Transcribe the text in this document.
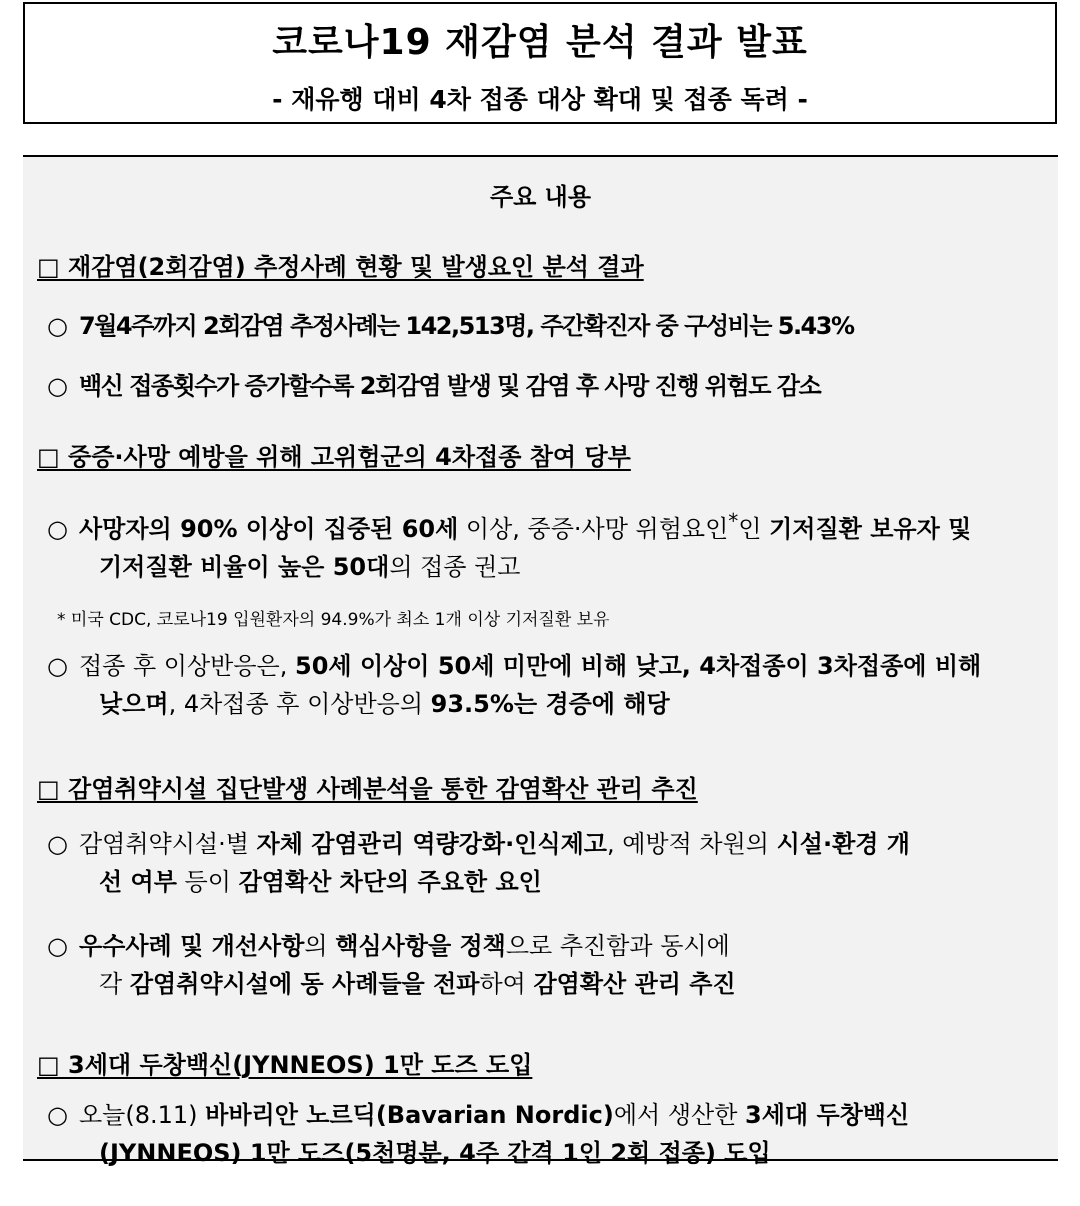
코로나19 재감염 분석 결과 발표
- 재유행 대비 4차 접종 대상 확대 및 접종 독려 -
주요 내용
□ 재감염(2회감염) 추정사례 현황 및 발생요인 분석 결과
○ 7월4주까지 2회감염 추정사례는 142,513명, 주간확진자 중 구성비는 5.43%
○ 백신 접종횟수가 증가할수록 2회감염 발생 및 감염 후 사망 진행 위험도 감소
□ 중증·사망 예방을 위해 고위험군의 4차접종 참여 당부
○ 사망자의 90% 이상이 집중된 60세 이상, 중증·사망 위험요인*인 기저질환 보유자 및
기저질환 비율이 높은 50대의 접종 권고
* 미국 CDC, 코로나19 입원환자의 94.9%가 최소 1개 이상 기저질환 보유
○ 접종 후 이상반응은, 50세 이상이 50세 미만에 비해 낮고, 4차접종이 3차접종에 비해
낮으며, 4차접종 후 이상반응의 93.5%는 경증에 해당
□ 감염취약시설 집단발생 사례분석을 통한 감염확산 관리 추진
○ 감염취약시설·별 자체 감염관리 역량강화·인식제고, 예방적 차원의 시설·환경 개
선 여부 등이 감염확산 차단의 주요한 요인
○ 우수사례 및 개선사항의 핵심사항을 정책으로 추진함과 동시에
각 감염취약시설에 동 사례들을 전파하여 감염확산 관리 추진
□ 3세대 두창백신(JYNNEOS) 1만 도즈 도입
○ 오늘(8.11) 바바리안 노르딕(Bavarian Nordic)에서 생산한 3세대 두창백신
(JYNNEOS) 1만 도즈(5천명분, 4주 간격 1인 2회 접종) 도입
